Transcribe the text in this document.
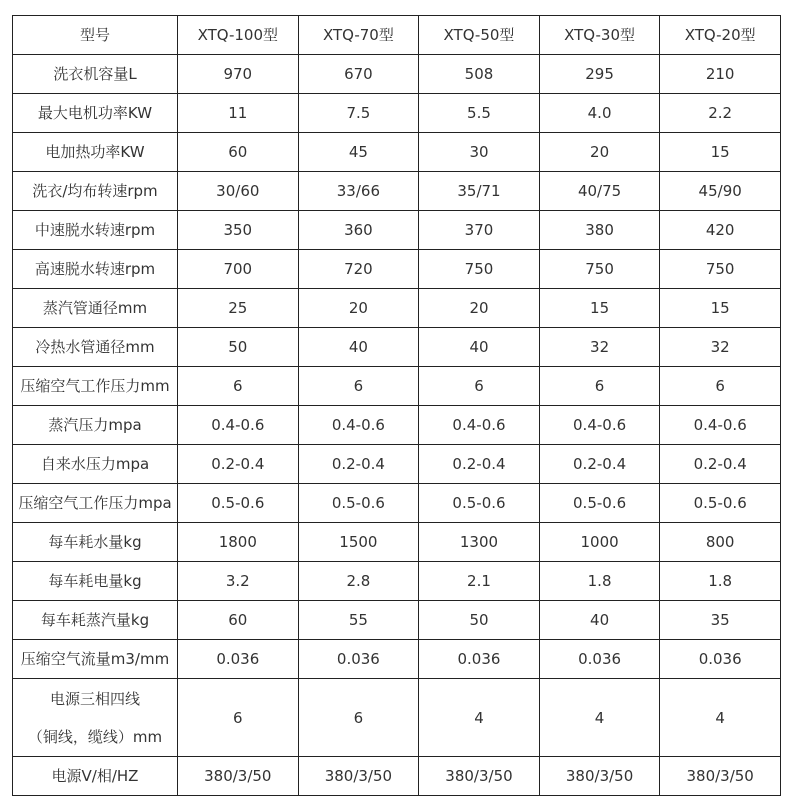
型号	XTQ-100型	XTQ-70型	XTQ-50型	XTQ-30型	XTQ-20型
洗衣机容量L	970	670	508	295	210
最大电机功率KW	11	7.5	5.5	4.0	2.2
电加热功率KW	60	45	30	20	15
洗衣/均布转速rpm	30/60	33/66	35/71	40/75	45/90
中速脱水转速rpm	350	360	370	380	420
高速脱水转速rpm	700	720	750	750	750
蒸汽管通径mm	25	20	20	15	15
冷热水管通径mm	50	40	40	32	32
压缩空气工作压力mm	6	6	6	6	6
蒸汽压力mpa	0.4-0.6	0.4-0.6	0.4-0.6	0.4-0.6	0.4-0.6
自来水压力mpa	0.2-0.4	0.2-0.4	0.2-0.4	0.2-0.4	0.2-0.4
压缩空气工作压力mpa	0.5-0.6	0.5-0.6	0.5-0.6	0.5-0.6	0.5-0.6
每车耗水量kg	1800	1500	1300	1000	800
每车耗电量kg	3.2	2.8	2.1	1.8	1.8
每车耗蒸汽量kg	60	55	50	40	35
压缩空气流量m3/mm	0.036	0.036	0.036	0.036	0.036

电源三相四线
（铜线，缆线）mm	6	6	4	4	4
电源V/相/HZ	380/3/50	380/3/50	380/3/50	380/3/50	380/3/50
